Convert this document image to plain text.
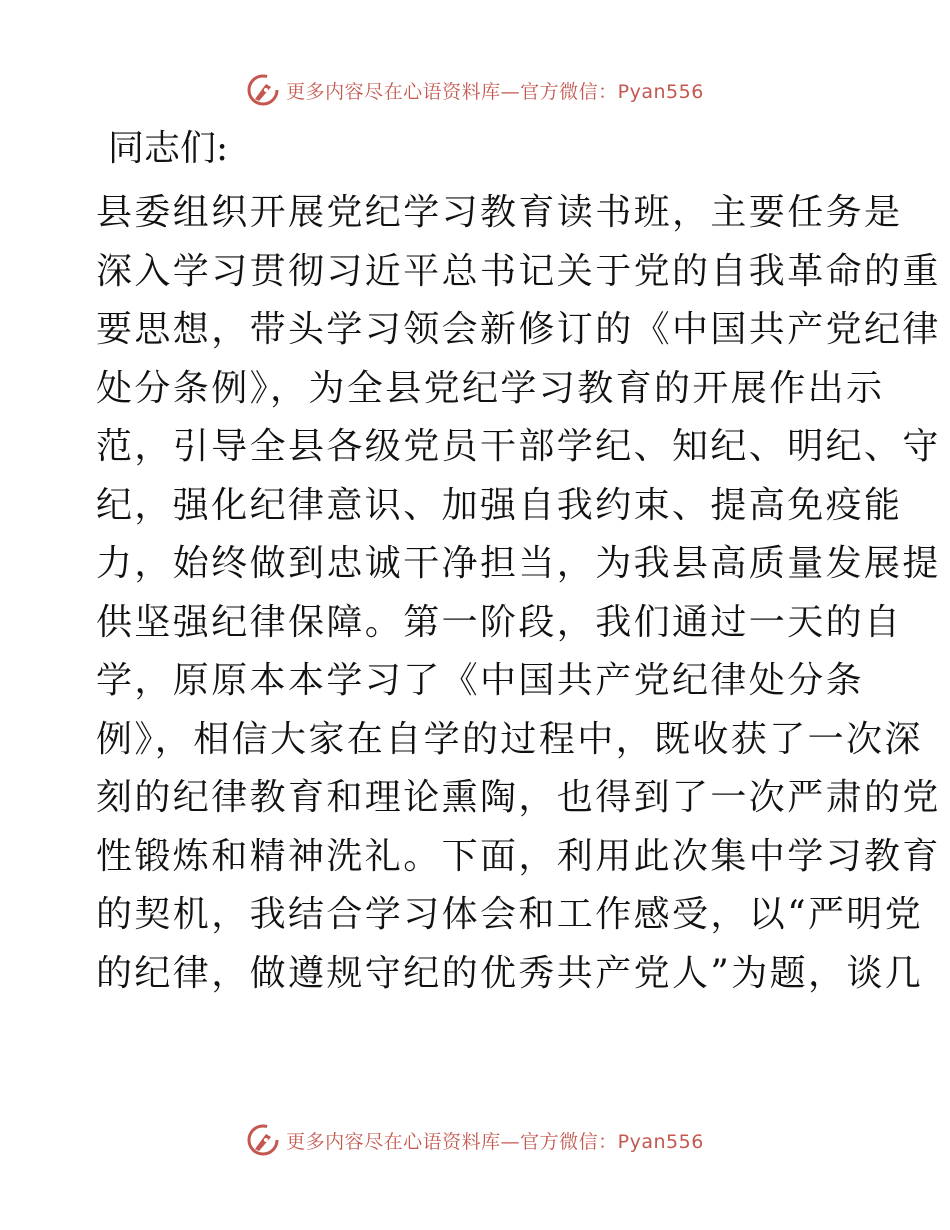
更多内容尽在心语资料库—官方微信：Pyan556

同志们:

县委组织开展党纪学习教育读书班，主要任务是
深入学习贯彻习近平总书记关于党的自我革命的重
要思想，带头学习领会新修订的《中国共产党纪律
处分条例》，为全县党纪学习教育的开展作出示
范，引导全县各级党员干部学纪、知纪、明纪、守
纪，强化纪律意识、加强自我约束、提高免疫能
力，始终做到忠诚干净担当，为我县高质量发展提
供坚强纪律保障。第一阶段，我们通过一天的自
学，原原本本学习了《中国共产党纪律处分条
例》，相信大家在自学的过程中，既收获了一次深
刻的纪律教育和理论熏陶，也得到了一次严肃的党
性锻炼和精神洗礼。下面，利用此次集中学习教育
的契机，我结合学习体会和工作感受，以“严明党
的纪律，做遵规守纪的优秀共产党人”为题，谈几

更多内容尽在心语资料库—官方微信：Pyan556
